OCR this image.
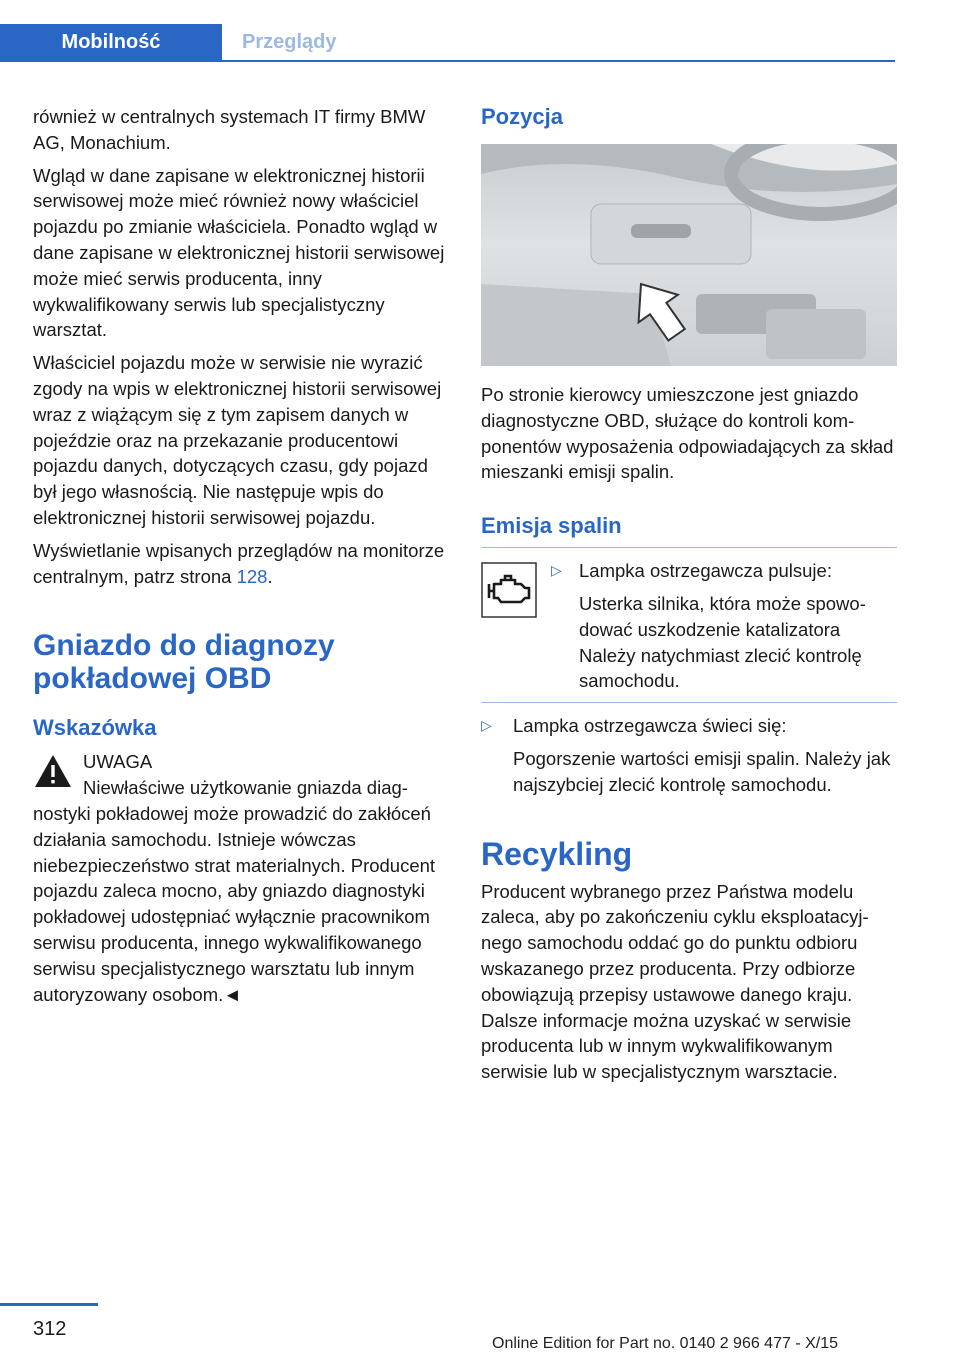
Mobilność	Przeglądy

również w centralnych systemach IT firmy BMW AG, Monachium.

Wgląd w dane zapisane w elektronicznej historii serwisowej może mieć również nowy właściciel pojazdu po zmianie właściciela. Ponadto wgląd w dane zapisane w elektronicznej historii serwisowej może mieć serwis producenta, inny wykwalifikowany serwis lub specjalistyczny warsztat.

Właściciel pojazdu może w serwisie nie wyrazić zgody na wpis w elektronicznej historii serwisowej wraz z wiążącym się z tym zapisem danych w pojeździe oraz na przekazanie producentowi pojazdu danych, dotyczących czasu, gdy pojazd był jego własnością. Nie następuje wpis do elektronicznej historii serwisowej pojazdu.

Wyświetlanie wpisanych przeglądów na monitorze centralnym, patrz strona 128.

Gniazdo do diagnozy pokładowej OBD
Wskazówka
UWAGA
Niewłaściwe użytkowanie gniazda diagnostyki pokładowej może prowadzić do zakłóceń działania samochodu. Istnieje wówczas niebezpieczeństwo strat materialnych. Producent pojazdu zaleca mocno, aby gniazdo diagnostyki pokładowej udostępniać wyłącznie pracownikom serwisu producenta, innego wykwalifikowanego serwisu specjalistycznego warsztatu lub innym autoryzowany osobom.◄
Pozycja

Po stronie kierowcy umieszczone jest gniazdo diagnostyczne OBD, służące do kontroli komponentów wyposażenia odpowiadających za skład mieszanki emisji spalin.

Emisja spalin
▷ Lampka ostrzegawcza pulsuje:
Usterka silnika, która może spowodować uszkodzenie katalizatora Należy natychmiast zlecić kontrolę samochodu.
▷ Lampka ostrzegawcza świeci się:
Pogorszenie wartości emisji spalin. Należy jak najszybciej zlecić kontrolę samochodu.
Recykling

Producent wybranego przez Państwa modelu zaleca, aby po zakończeniu cyklu eksploatacyjnego samochodu oddać go do punktu odbioru wskazanego przez producenta. Przy odbiorze obowiązują przepisy ustawowe danego kraju. Dalsze informacje można uzyskać w serwisie producenta lub w innym wykwalifikowanym serwisie lub w specjalistycznym warsztacie.

312
Online Edition for Part no. 0140 2 966 477 - X/15
